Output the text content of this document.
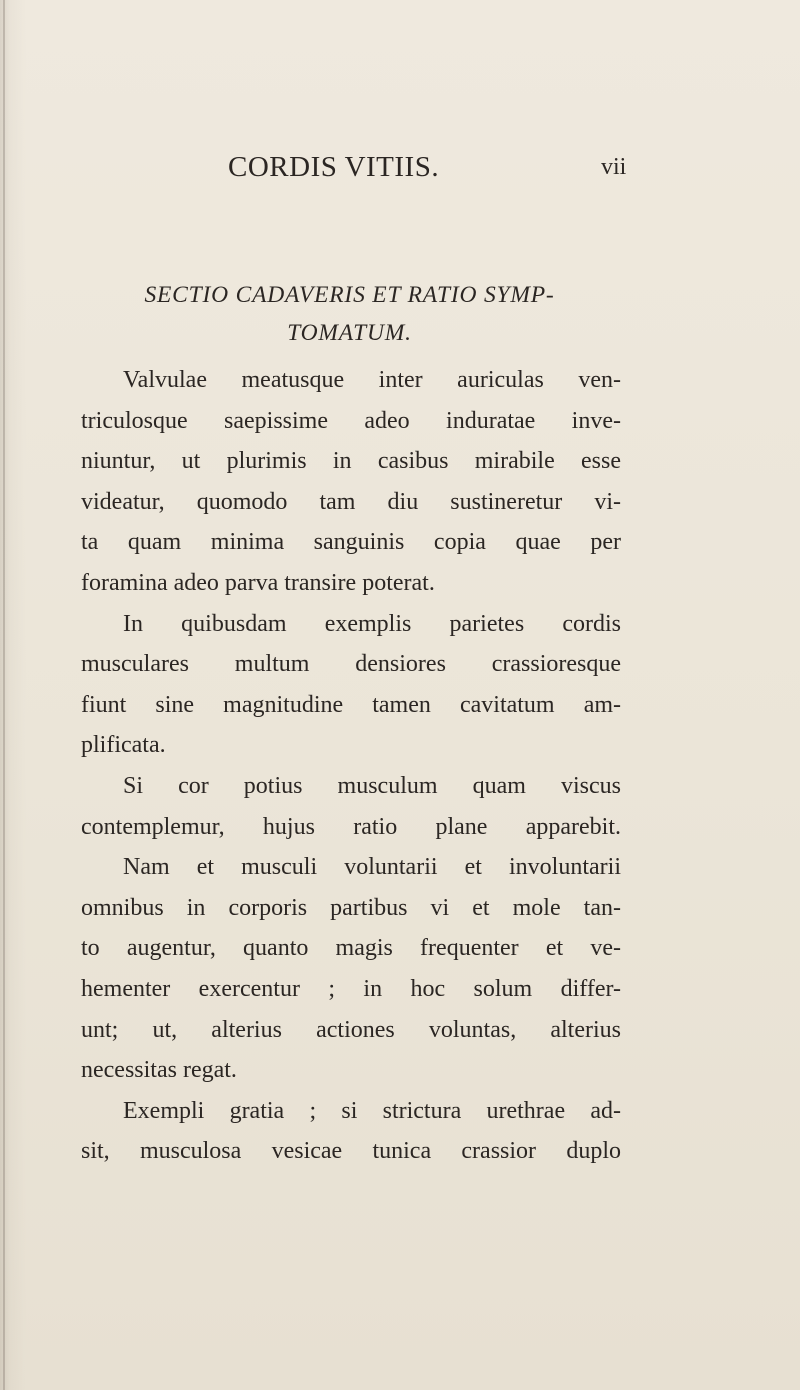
CORDIS VITIIS.	vii
SECTIO CADAVERIS ET RATIO SYMP-
TOMATUM.
Valvulae meatusque inter auriculas ven-
triculosque saepissime adeo induratae inve-
niuntur, ut plurimis in casibus mirabile esse
videatur, quomodo tam diu sustineretur vi-
ta quam minima sanguinis copia quae per
foramina adeo parva transire poterat.
In quibusdam exemplis parietes cordis
musculares multum densiores crassioresque
fiunt sine magnitudine tamen cavitatum am-
plificata.
Si cor potius musculum quam viscus
contemplemur, hujus ratio plane apparebit.
Nam et musculi voluntarii et involuntarii
omnibus in corporis partibus vi et mole tan-
to augentur, quanto magis frequenter et ve-
hementer exercentur ; in hoc solum differ-
unt; ut, alterius actiones voluntas, alterius
necessitas regat.
Exempli gratia ; si strictura urethrae ad-
sit, musculosa vesicae tunica crassior duplo
